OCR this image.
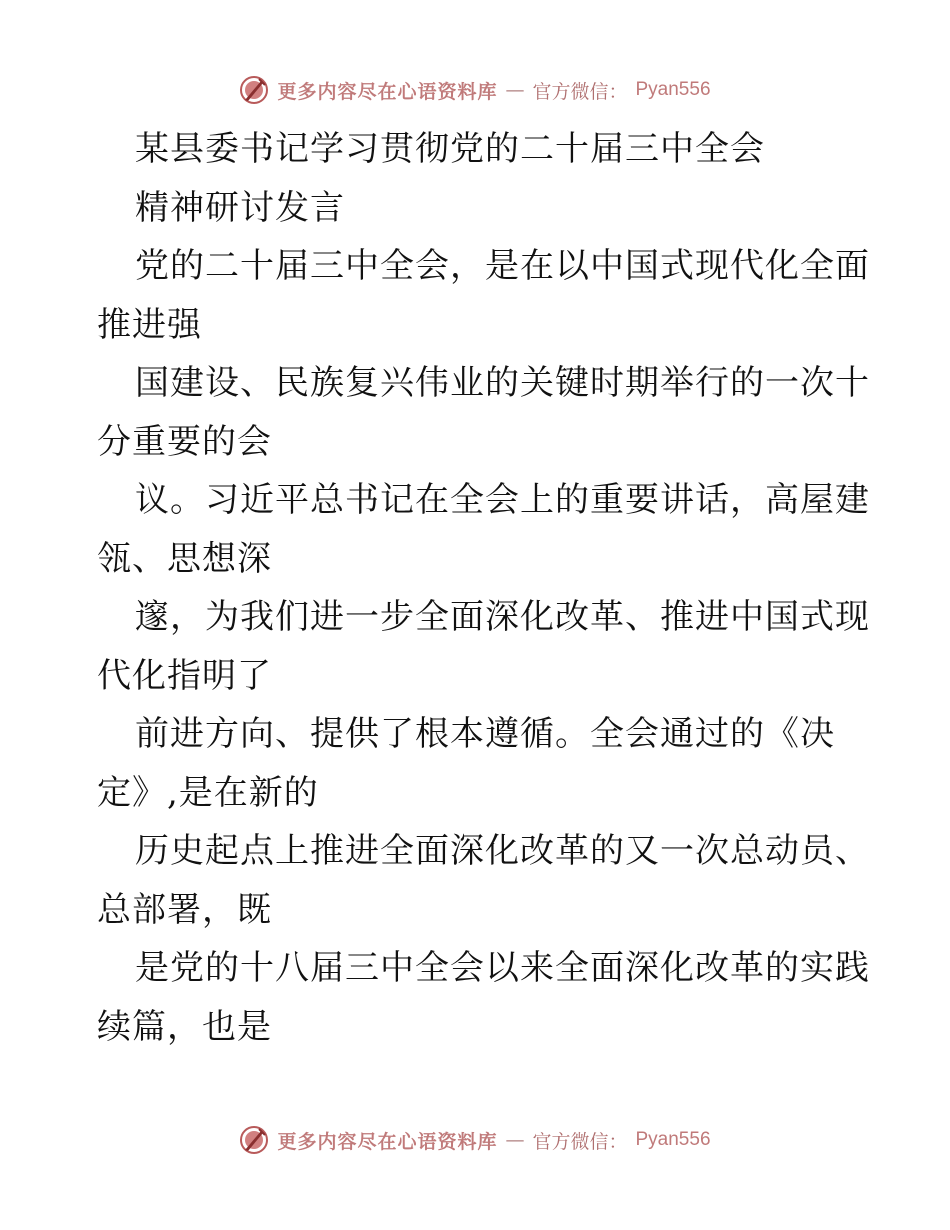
更多内容尽在心语资料库 — 官方微信： Pyan556
某县委书记学习贯彻党的二十届三中全会
精神研讨发言
党的二十届三中全会，是在以中国式现代化全面
推进强
国建设、民族复兴伟业的关键时期举行的一次十
分重要的会
议。习近平总书记在全会上的重要讲话，高屋建
瓴、思想深
邃，为我们进一步全面深化改革、推进中国式现
代化指明了
前进方向、提供了根本遵循。全会通过的《决
定》,是在新的
历史起点上推进全面深化改革的又一次总动员、
总部署，既
是党的十八届三中全会以来全面深化改革的实践
续篇，也是
更多内容尽在心语资料库 — 官方微信： Pyan556
